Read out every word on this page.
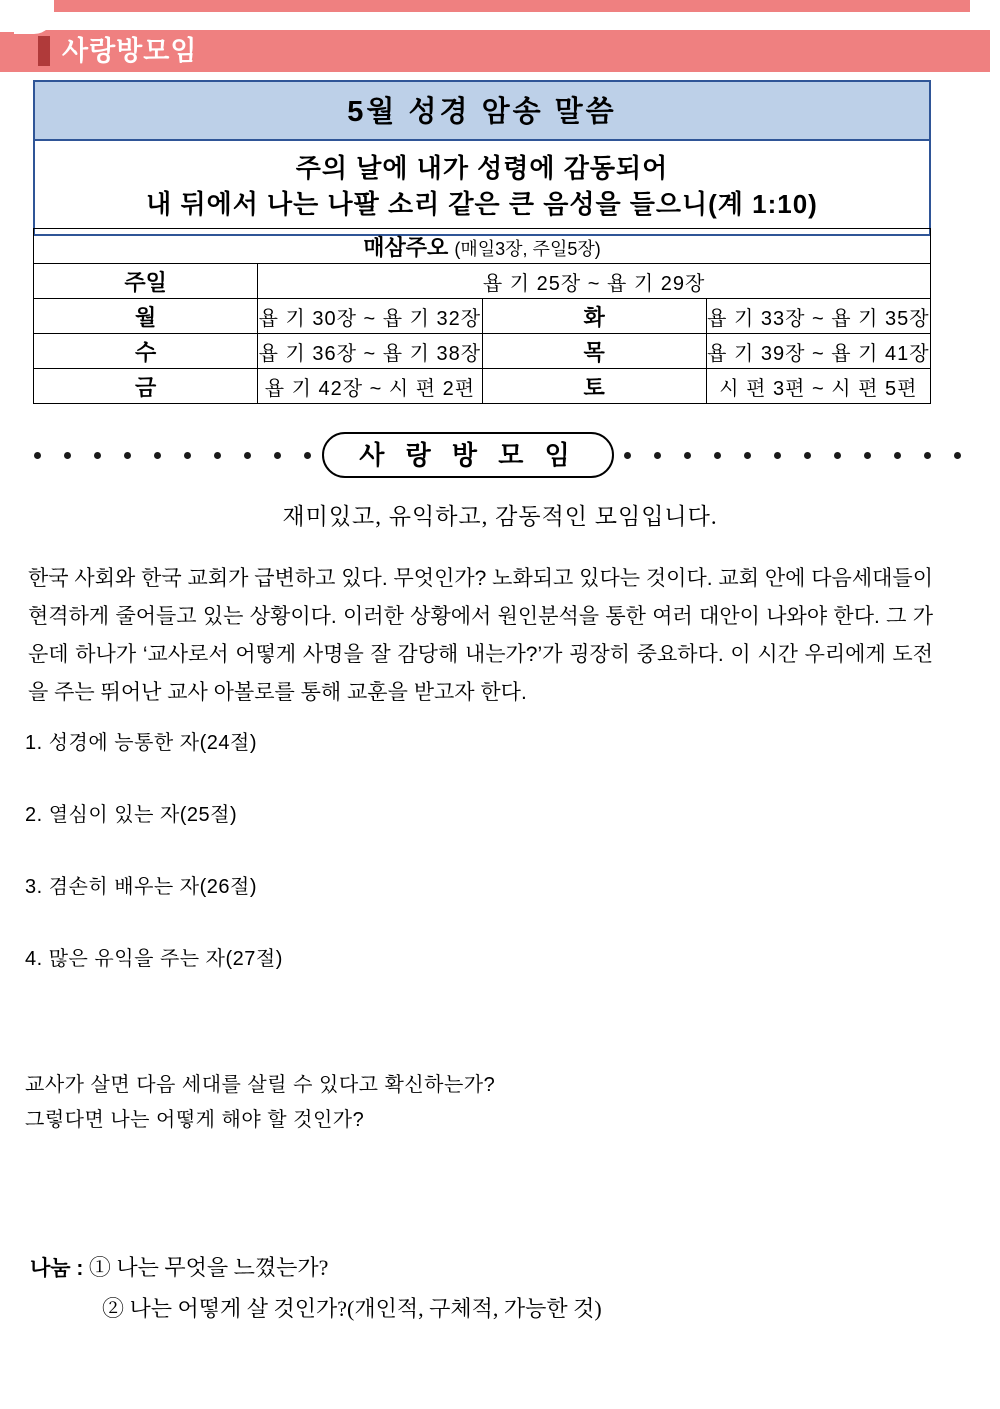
사랑방모임
5월 성경 암송 말씀
주의 날에 내가 성령에 감동되어
내 뒤에서 나는 나팔 소리 같은 큰 음성을 들으니(계 1:10)
매삼주오 (매일3장, 주일5장)			
주일	욥 기 25장 ~ 욥 기 29장		
월	욥 기 30장 ~ 욥 기 32장	화	욥 기 33장 ~ 욥 기 35장
수	욥 기 36장 ~ 욥 기 38장	목	욥 기 39장 ~ 욥 기 41장
금	욥 기 42장 ~ 시 편 2편	토	시 편 3편 ~ 시 편 5편
사 랑 방 모 임
재미있고, 유익하고, 감동적인 모임입니다.
한국 사회와 한국 교회가 급변하고 있다. 무엇인가? 노화되고 있다는 것이다. 교회 안에 다음세대들이 현격하게 줄어들고 있는 상황이다. 이러한 상황에서 원인분석을 통한 여러 대안이 나와야 한다. 그 가운데 하나가 ‘교사로서 어떻게 사명을 잘 감당해 내는가?’가 굉장히 중요하다. 이 시간 우리에게 도전을 주는 뛰어난 교사 아볼로를 통해 교훈을 받고자 한다.
1. 성경에 능통한 자(24절)
2. 열심이 있는 자(25절)
3. 겸손히 배우는 자(26절)
4. 많은 유익을 주는 자(27절)
교사가 살면 다음 세대를 살릴 수 있다고 확신하는가?
그렇다면 나는 어떻게 해야 할 것인가?
나눔 : ① 나는 무엇을 느꼈는가?
② 나는 어떻게 살 것인가?(개인적, 구체적, 가능한 것)
